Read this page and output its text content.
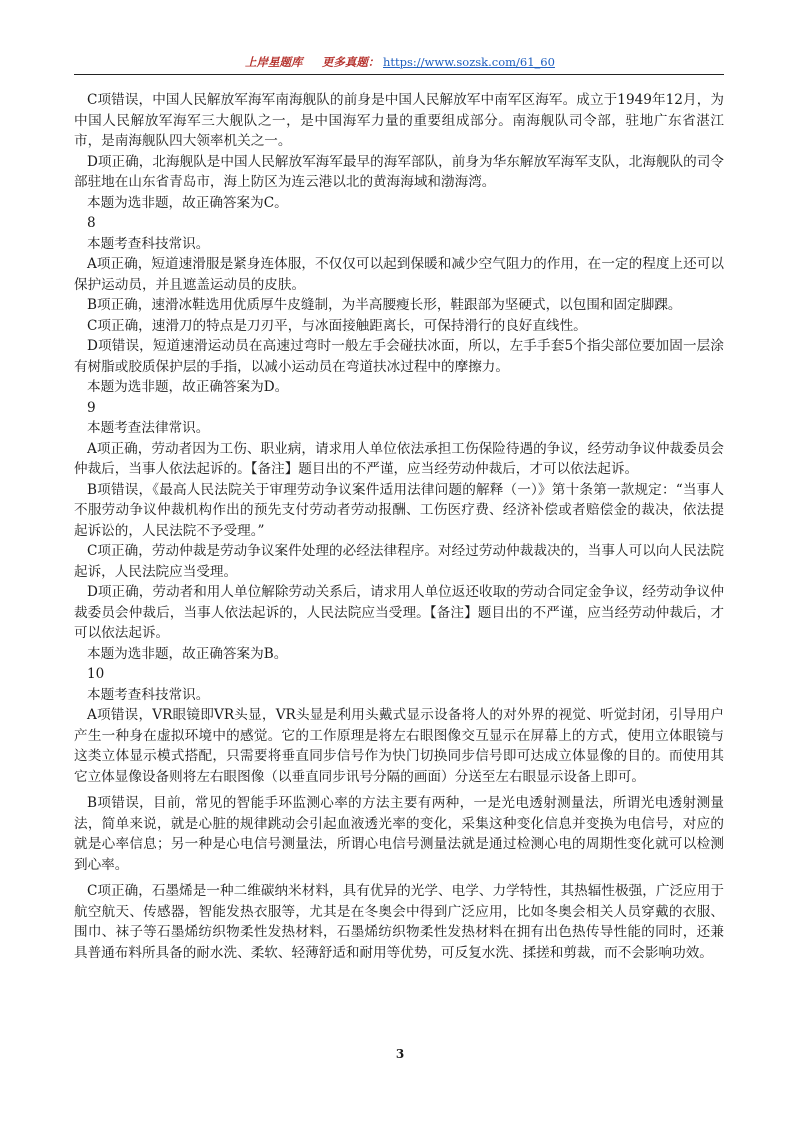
上岸星题库 更多真题： https://www.sozsk.com/61_60

C项错误，中国人民解放军海军南海舰队的前身是中国人民解放军中南军区海军。成立于1949年12月，为中国人民解放军海军三大舰队之一，是中国海军力量的重要组成部分。南海舰队司令部，驻地广东省湛江市，是南海舰队四大领率机关之一。

D项正确，北海舰队是中国人民解放军海军最早的海军部队，前身为华东解放军海军支队，北海舰队的司令部驻地在山东省青岛市，海上防区为连云港以北的黄海海域和渤海湾。

本题为选非题，故正确答案为C。

8

本题考查科技常识。

A项正确，短道速滑服是紧身连体服，不仅仅可以起到保暖和减少空气阻力的作用，在一定的程度上还可以保护运动员，并且遮盖运动员的皮肤。

B项正确，速滑冰鞋选用优质厚牛皮缝制，为半高腰瘦长形，鞋跟部为坚硬式，以包围和固定脚踝。

C项正确，速滑刀的特点是刀刃平，与冰面接触距离长，可保持滑行的良好直线性。

D项错误，短道速滑运动员在高速过弯时一般左手会碰扶冰面，所以，左手手套5个指尖部位要加固一层涂有树脂或胶质保护层的手指，以减小运动员在弯道扶冰过程中的摩擦力。

本题为选非题，故正确答案为D。

9

本题考查法律常识。

A项正确，劳动者因为工伤、职业病，请求用人单位依法承担工伤保险待遇的争议，经劳动争议仲裁委员会仲裁后，当事人依法起诉的。【备注】题目出的不严谨，应当经劳动仲裁后，才可以依法起诉。

B项错误，《最高人民法院关于审理劳动争议案件适用法律问题的解释（一）》第十条第一款规定：“当事人不服劳动争议仲裁机构作出的预先支付劳动者劳动报酬、工伤医疗费、经济补偿或者赔偿金的裁决，依法提起诉讼的，人民法院不予受理。”

C项正确，劳动仲裁是劳动争议案件处理的必经法律程序。对经过劳动仲裁裁决的，当事人可以向人民法院起诉，人民法院应当受理。

D项正确，劳动者和用人单位解除劳动关系后，请求用人单位返还收取的劳动合同定金争议，经劳动争议仲裁委员会仲裁后，当事人依法起诉的，人民法院应当受理。【备注】题目出的不严谨，应当经劳动仲裁后，才可以依法起诉。

本题为选非题，故正确答案为B。

10

本题考查科技常识。

A项错误，VR眼镜即VR头显，VR头显是利用头戴式显示设备将人的对外界的视觉、听觉封闭，引导用户产生一种身在虚拟环境中的感觉。它的工作原理是将左右眼图像交互显示在屏幕上的方式，使用立体眼镜与这类立体显示模式搭配，只需要将垂直同步信号作为快门切换同步信号即可达成立体显像的目的。而使用其它立体显像设备则将左右眼图像（以垂直同步讯号分隔的画面）分送至左右眼显示设备上即可。

B项错误，目前，常见的智能手环监测心率的方法主要有两种，一是光电透射测量法，所谓光电透射测量法，简单来说，就是心脏的规律跳动会引起血液透光率的变化，采集这种变化信息并变换为电信号，对应的就是心率信息；另一种是心电信号测量法，所谓心电信号测量法就是通过检测心电的周期性变化就可以检测到心率。

C项正确，石墨烯是一种二维碳纳米材料，具有优异的光学、电学、力学特性，其热辐性极强，广泛应用于航空航天、传感器，智能发热衣服等，尤其是在冬奥会中得到广泛应用，比如冬奥会相关人员穿戴的衣服、围巾、袜子等石墨烯纺织物柔性发热材料，石墨烯纺织物柔性发热材料在拥有出色热传导性能的同时，还兼具普通布料所具备的耐水洗、柔软、轻薄舒适和耐用等优势，可反复水洗、揉搓和剪裁，而不会影响功效。

3
